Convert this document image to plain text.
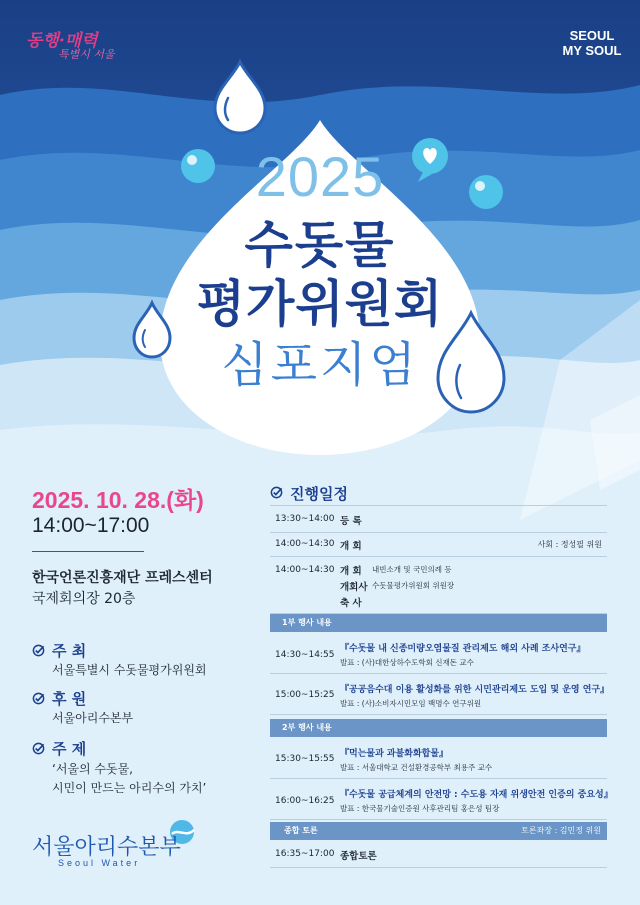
동행·매력
특별시 서울
SEOUL
MY SOUL
2025
수돗물
평가위원회
심포지엄
2025. 10. 28.(화)
14:00~17:00
한국언론진흥재단 프레스센터
국제회의장 20층
주 최
서울특별시 수돗물평가위원회
후 원
서울아리수본부
주 제
‘서울의 수돗물,
시민이 만드는 아리수의 가치’
진행일정
13:30~14:00 등 록
14:00~14:30 개 회	사회 : 정성필 위원
14:00~14:30 개 회 내빈소개 및 국민의례 등
개회사 수돗물평가위원회 위원장
축 사
1부 행사 내용
14:30~14:55
『수돗물 내 신종미량오염물질 관리제도 해외 사례 조사연구』
발표 : (사)대한상하수도학회 신재돈 교수
15:00~15:25 『공공음수대 이용 활성화를 위한 시민관리제도 도입 및 운영 연구』
발표 : (사)소비자시민모임 백명수 연구위원
2부 행사 내용
15:30~15:55 『먹는물과 과불화화합물』
발표 : 서울대학교 건설환경공학부 최용주 교수
16:00~16:25
『수돗물 공급체계의 안전망 : 수도용 자재 위생안전 인증의 중요성』
발표 : 한국물기술인증원 사후관리팀 홍은성 팀장
종합 토론	토론좌장 : 김민정 위원
16:35~17:00 종합토론
서울아리수본부
Seoul Water
